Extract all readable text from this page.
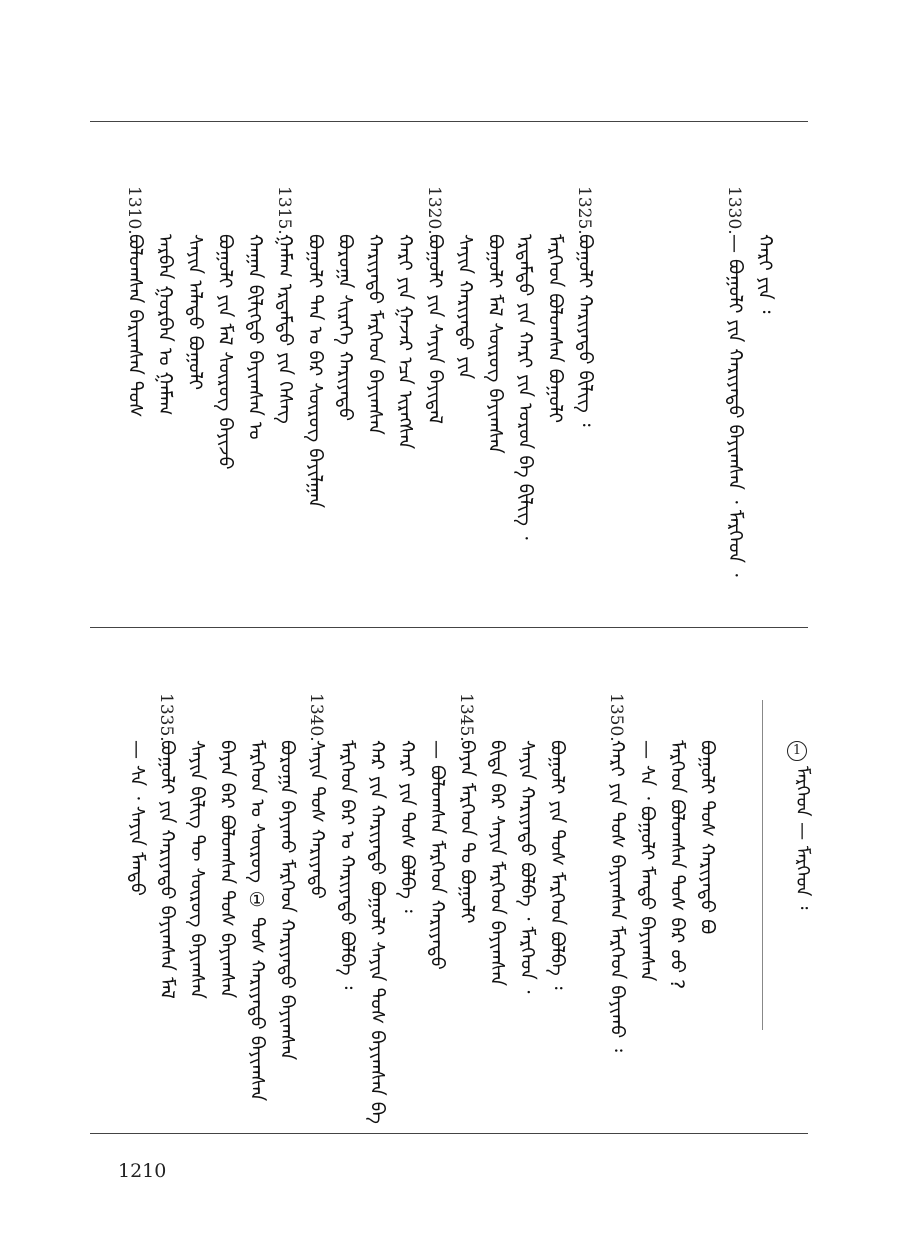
1310.	1315.	1320.	1325.	1330.
ᠪᠣᠯᠤᠭᠰᠠᠨ ᠪᠠᠷᠢᠭᠰᠠᠨ ᠲᠤᠰ ᠠᠷᠪᠠᠨ ᠭᠣᠷᠪᠠᠨ ᠤ ᠭᠠᠮᠠᠭ ᠰᠠᠶᠢᠨ ᠠᠯᠠᠳᠤ ᠪᠣᠭᠣᠯᠢ ᠪᠣᠭᠣᠯᠢ ᠶᠢᠨ ᠮᠠᠯ ᠰᠦᠷᠦᠭ ᠪᠠᠶᠢᠵᠤ ᠬᠠᠭᠠᠨ ᠪᠢᠯᠢᠭᠲᠦ ᠪᠠᠶᠢᠭᠰᠠᠨ ᠤ ᠭᠠᠮᠠᠭ ᠡᠷᠳᠡᠮᠲᠦ ᠶᠢᠨ ᠬᠡᠰᠡᠭ ᠪᠣᠭᠣᠯᠢ ᠲᠠᠨ ᠤ ᠪᠡᠷ ᠰᠦᠷᠦᠭ ᠪᠠᠶᠢᠯᠭᠠᠨ ᠪᠣᠷᠣᠭᠠ ᠰᠢᠷᠡᠭᠡ ᠬᠠᠷᠢᠶᠠᠲᠤ ᠬᠠᠷᠢᠶᠠᠲᠤ ᠮᠡᠷᠭᠡᠳ ᠪᠠᠶᠢᠭᠰᠠᠨ ᠬᠠᠷᠢ ᠶᠢᠨ ᠭᠠᠵᠠᠷ ᠡᠴᠡ ᠢᠷᠡᠭᠰᠡᠨ ᠪᠣᠭᠣᠯᠢ ᠶᠢᠨ ᠰᠠᠶᠢᠨ ᠪᠠᠶᠢᠳᠠᠯ ᠰᠠᠶᠢᠨ ᠬᠠᠷᠢᠶᠠᠲᠤ ᠶᠢᠨ ᠪᠣᠭᠣᠯᠢ ᠮᠠᠯ ᠰᠦᠷᠦᠭ ᠪᠠᠶᠢᠭᠰᠠᠨ ᠡᠷᠳᠡᠮᠲᠦ ᠶᠢᠨ ᠬᠠᠷᠢ ᠶᠢᠨ ᠤᠷᠤᠨ ᠪᠠ ᠪᠢᠯᠢᠭ ᠂ ᠮᠡᠷᠭᠡᠳ ᠪᠣᠯᠤᠭᠰᠠᠨ ᠪᠣᠭᠣᠯᠢ ᠪᠣᠭᠣᠯᠢ ᠬᠠᠷᠢᠶᠠᠲᠤ ᠪᠢᠯᠢᠭ ᠄	— ᠪᠣᠭᠣᠯᠢ ᠶᠢᠨ ᠬᠠᠷᠢᠶᠠᠲᠤ ᠪᠠᠶᠢᠭᠰᠠᠨ ᠂ ᠮᠡᠷᠭᠡᠳ ᠂ ᠬᠠᠷᠢ ᠶᠢᠨ ᠄
1335.	1340.	1345.	1350.
— ᠰᠠ ᠂ ᠰᠠᠶᠢᠨ ᠮᠡᠨᠳᠦ ᠪᠣᠭᠣᠯᠢ ᠶᠢᠨ ᠬᠠᠷᠢᠶᠠᠲᠤ ᠪᠠᠶᠢᠭᠰᠠᠨ ᠮᠠᠯ ᠰᠠᠶᠢᠨ ᠪᠢᠯᠢᠭ ᠲᠦ ᠰᠦᠷᠦᠭ ᠪᠠᠶᠢᠭᠰᠠᠨ ᠪᠠᠶᠠᠨ ᠪᠠᠷ ᠪᠣᠯᠤᠭᠰᠠᠨ ᠲᠤᠰ ᠪᠠᠶᠢᠭᠰᠠᠨ ᠮᠡᠷᠭᠡᠳ ᠤ ᠰᠦᠷᠦᠭ ① ᠲᠤᠰ ᠬᠠᠷᠢᠶᠠᠲᠤ ᠪᠠᠶᠢᠭᠰᠠᠨ ᠪᠣᠷᠣᠭᠠ ᠪᠠᠶᠢᠬᠤ ᠮᠡᠷᠭᠡᠳ ᠬᠠᠷᠢᠶᠠᠲᠤ ᠪᠠᠶᠢᠭᠰᠠᠨ ᠰᠠᠶᠢᠨ ᠲᠤᠰ ᠬᠠᠷᠢᠶᠠᠲᠤ ᠮᠡᠷᠭᠡᠳ ᠪᠠᠷ ᠤ ᠬᠠᠷᠢᠶᠠᠲᠤ ᠪᠣᠯᠪᠠ ᠄ ᠬᠠᠷ ᠶᠢᠨ ᠬᠠᠷᠢᠶᠠᠲᠤ ᠪᠣᠭᠣᠯᠢ ᠰᠠᠶᠢᠨ ᠲᠤᠰ ᠪᠠᠶᠢᠭᠰᠠᠨ ᠪᠠ ᠬᠠᠷᠢ ᠶᠢᠨ ᠲᠤᠰ ᠪᠣᠯᠪᠠ ᠄ — ᠪᠣᠯᠤᠭᠰᠠᠨ ᠮᠡᠷᠭᠡᠳ ᠬᠠᠷᠢᠶᠠᠲᠤ ᠪᠠᠶᠠᠨ ᠮᠡᠷᠭᠡᠳ ᠲᠤ ᠪᠣᠭᠣᠯᠢ ᠪᠢᠳᠡ ᠪᠠᠷ ᠰᠠᠶᠢᠨ ᠮᠡᠷᠭᠡᠳ ᠪᠠᠶᠢᠭᠰᠠᠨ ᠰᠠᠶᠢᠨ ᠬᠠᠷᠢᠶᠠᠲᠤ ᠪᠣᠯᠪᠠ ᠂ ᠮᠡᠷᠭᠡᠳ ᠂ ᠪᠣᠭᠣᠯᠢ ᠶᠢᠨ ᠲᠤᠰ ᠮᠡᠷᠭᠡᠳ ᠪᠣᠯᠪᠠ ᠄ ᠬᠠᠷᠢ ᠶᠢᠨ ᠲᠤᠰ ᠪᠠᠶᠢᠭᠰᠠᠨ ᠮᠡᠷᠭᠡᠳ ᠪᠠᠶᠢᠬᠤ ᠄ — ᠰᠠ ᠂ ᠪᠣᠭᠣᠯᠢ ᠮᠡᠨᠳᠦ ᠪᠠᠶᠢᠭᠰᠠᠨ ᠮᠡᠷᠭᠡᠳ ᠪᠣᠯᠤᠭᠰᠠᠨ ᠲᠤᠰ ᠪᠠᠷ ᠤᠤ ? ᠪᠣᠭᠣᠯᠢ ᠲᠤᠰ ᠬᠠᠷᠢᠶᠠᠲᠤ ᠪᠣ	1
ᠮᠡᠷᠭᠡᠳ — ᠮᠡᠷᠭᠡᠳ ᠄
1210
